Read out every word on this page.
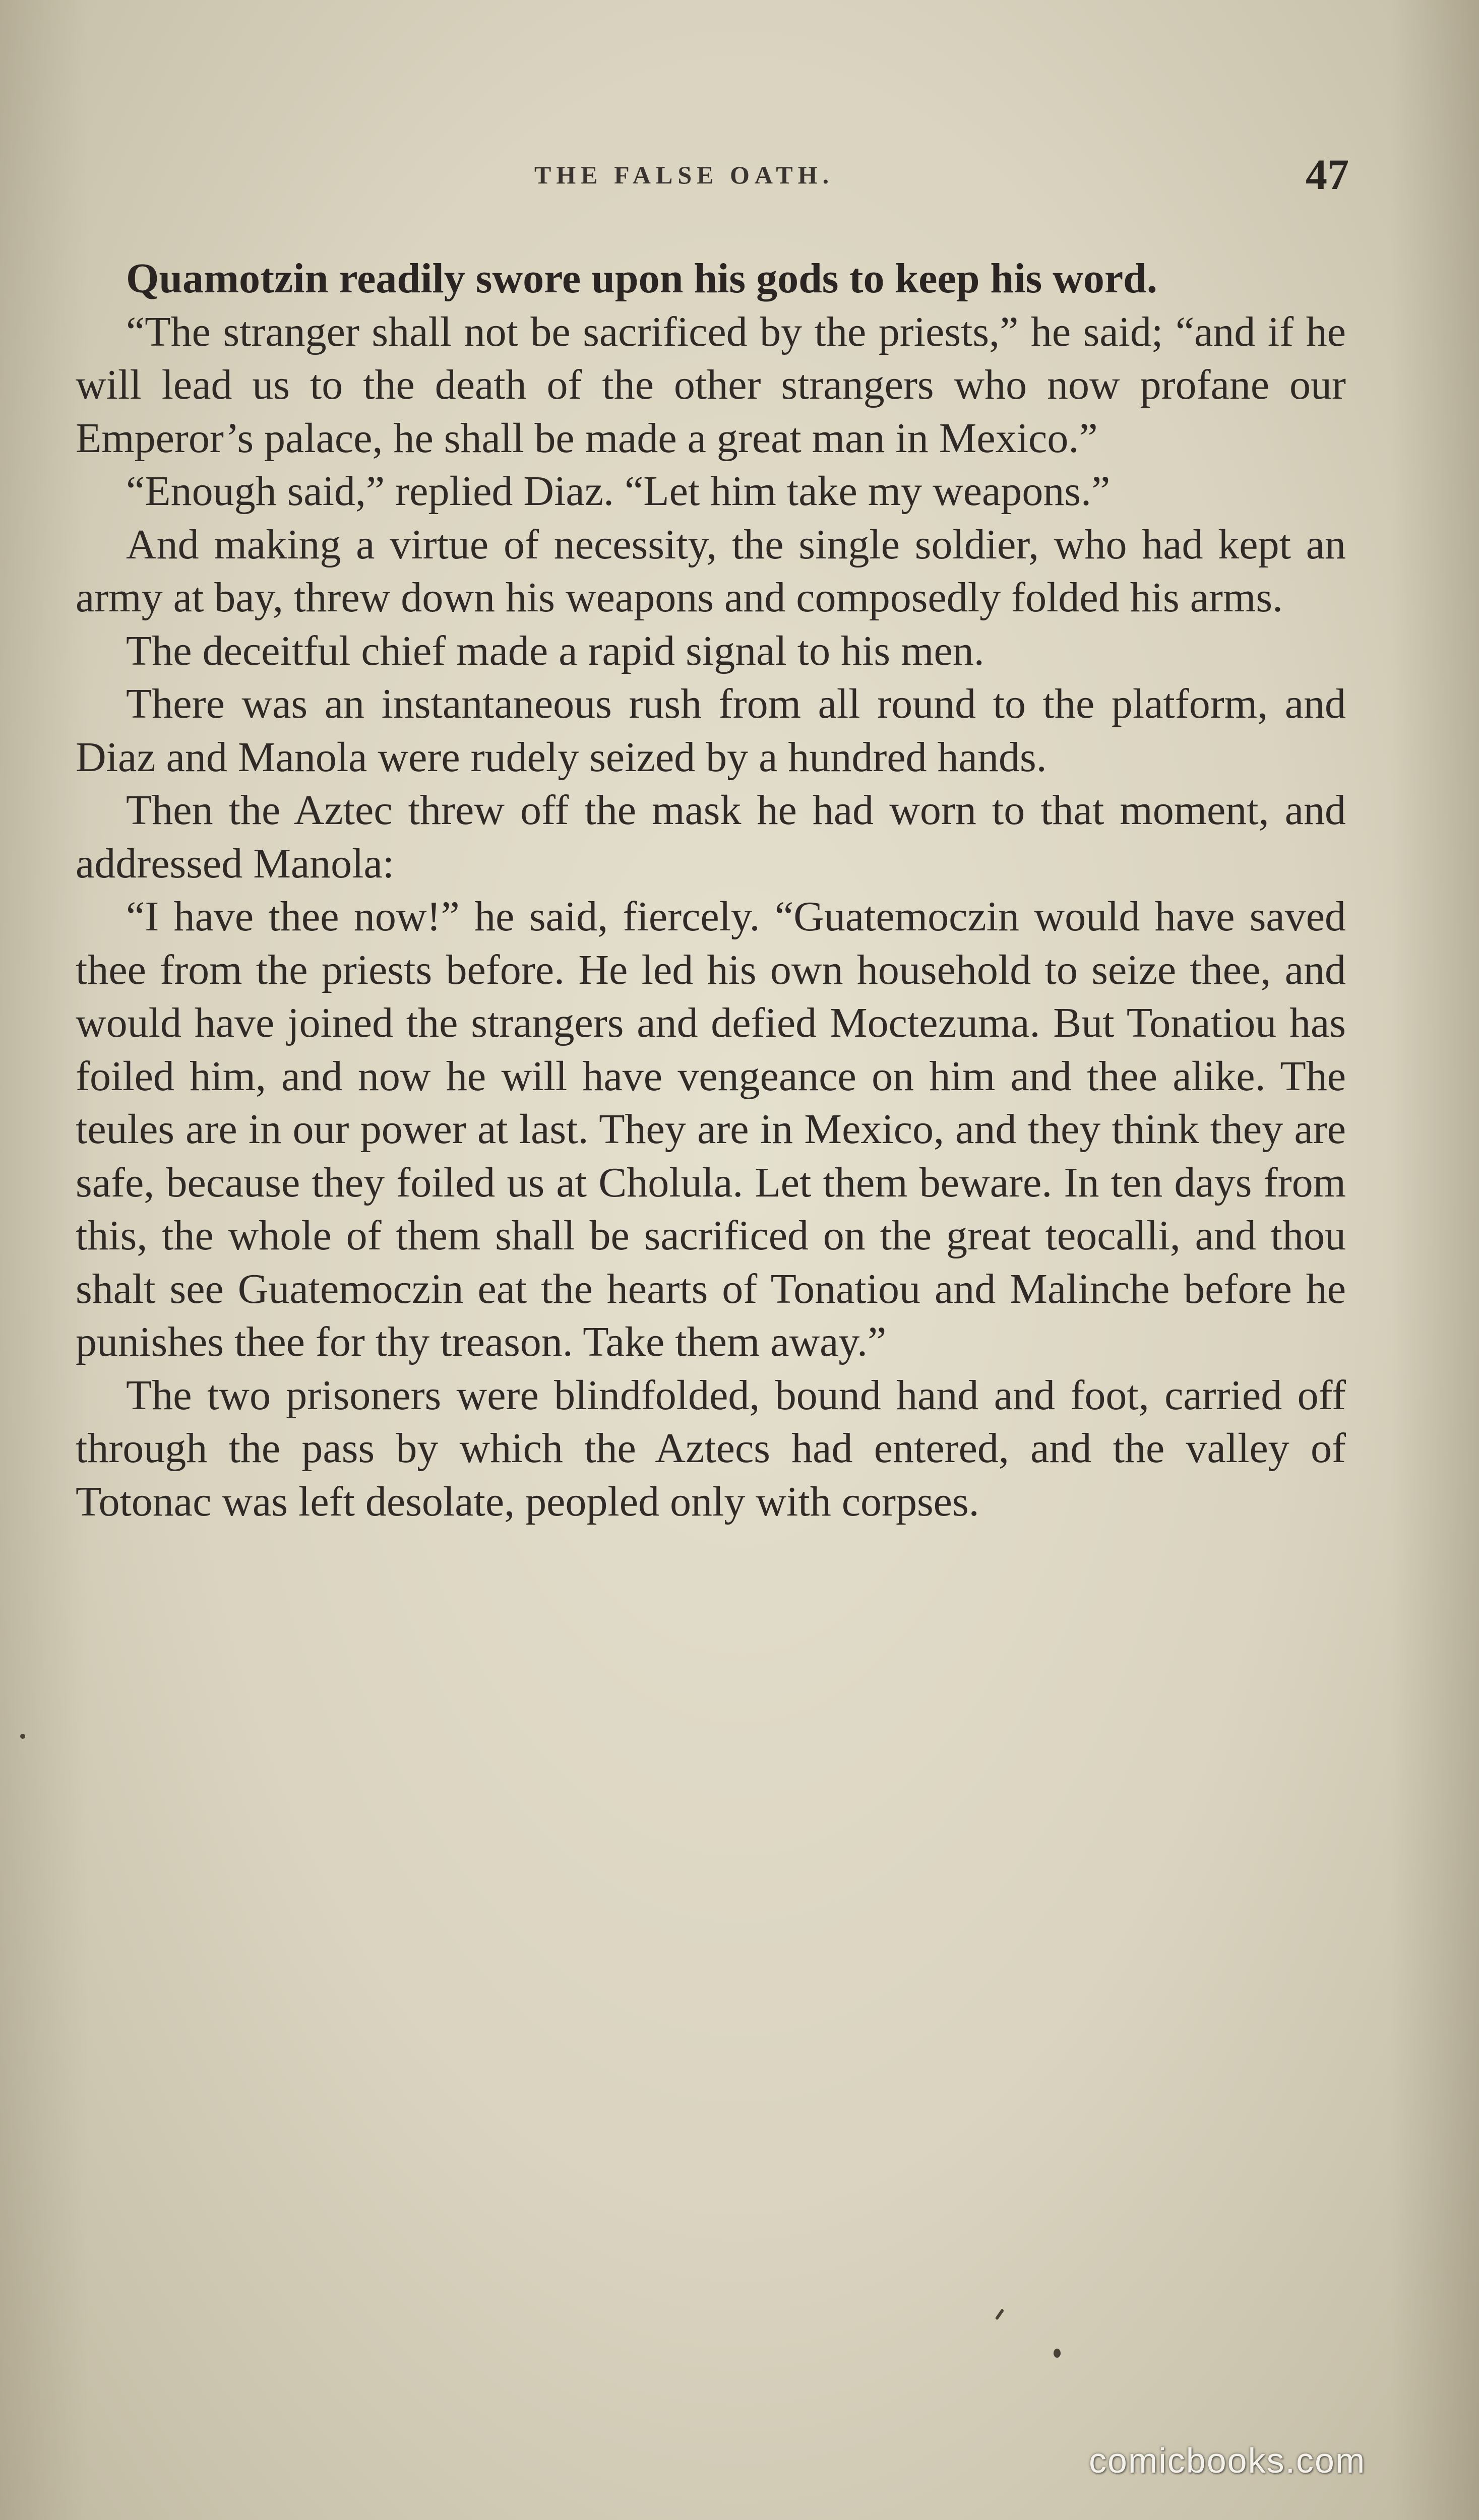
THE FALSE OATH.	47

Quamotzin readily swore upon his gods to keep his word.

“The stranger shall not be sacrificed by the priests,” he said; “and if he will lead us to the death of the other strangers who now profane our Emperor’s palace, he shall be made a great man in Mexico.”

“Enough said,” replied Diaz. “Let him take my weapons.”

And making a virtue of necessity, the single soldier, who had kept an army at bay, threw down his weapons and composedly folded his arms.

The deceitful chief made a rapid signal to his men.

There was an instantaneous rush from all round to the platform, and Diaz and Manola were rudely seized by a hundred hands.

Then the Aztec threw off the mask he had worn to that moment, and addressed Manola:

“I have thee now!” he said, fiercely. “Guatemoczin would have saved thee from the priests before. He led his own household to seize thee, and would have joined the strangers and defied Moctezuma. But Tonatiou has foiled him, and now he will have vengeance on him and thee alike. The teules are in our power at last. They are in Mexico, and they think they are safe, because they foiled us at Cholula. Let them beware. In ten days from this, the whole of them shall be sacrificed on the great teocalli, and thou shalt see Guatemoczin eat the hearts of Tonatiou and Malinche before he punishes thee for thy treason. Take them away.”

The two prisoners were blindfolded, bound hand and foot, carried off through the pass by which the Aztecs had entered, and the valley of Totonac was left desolate, peopled only with corpses.

comicbooks.com
